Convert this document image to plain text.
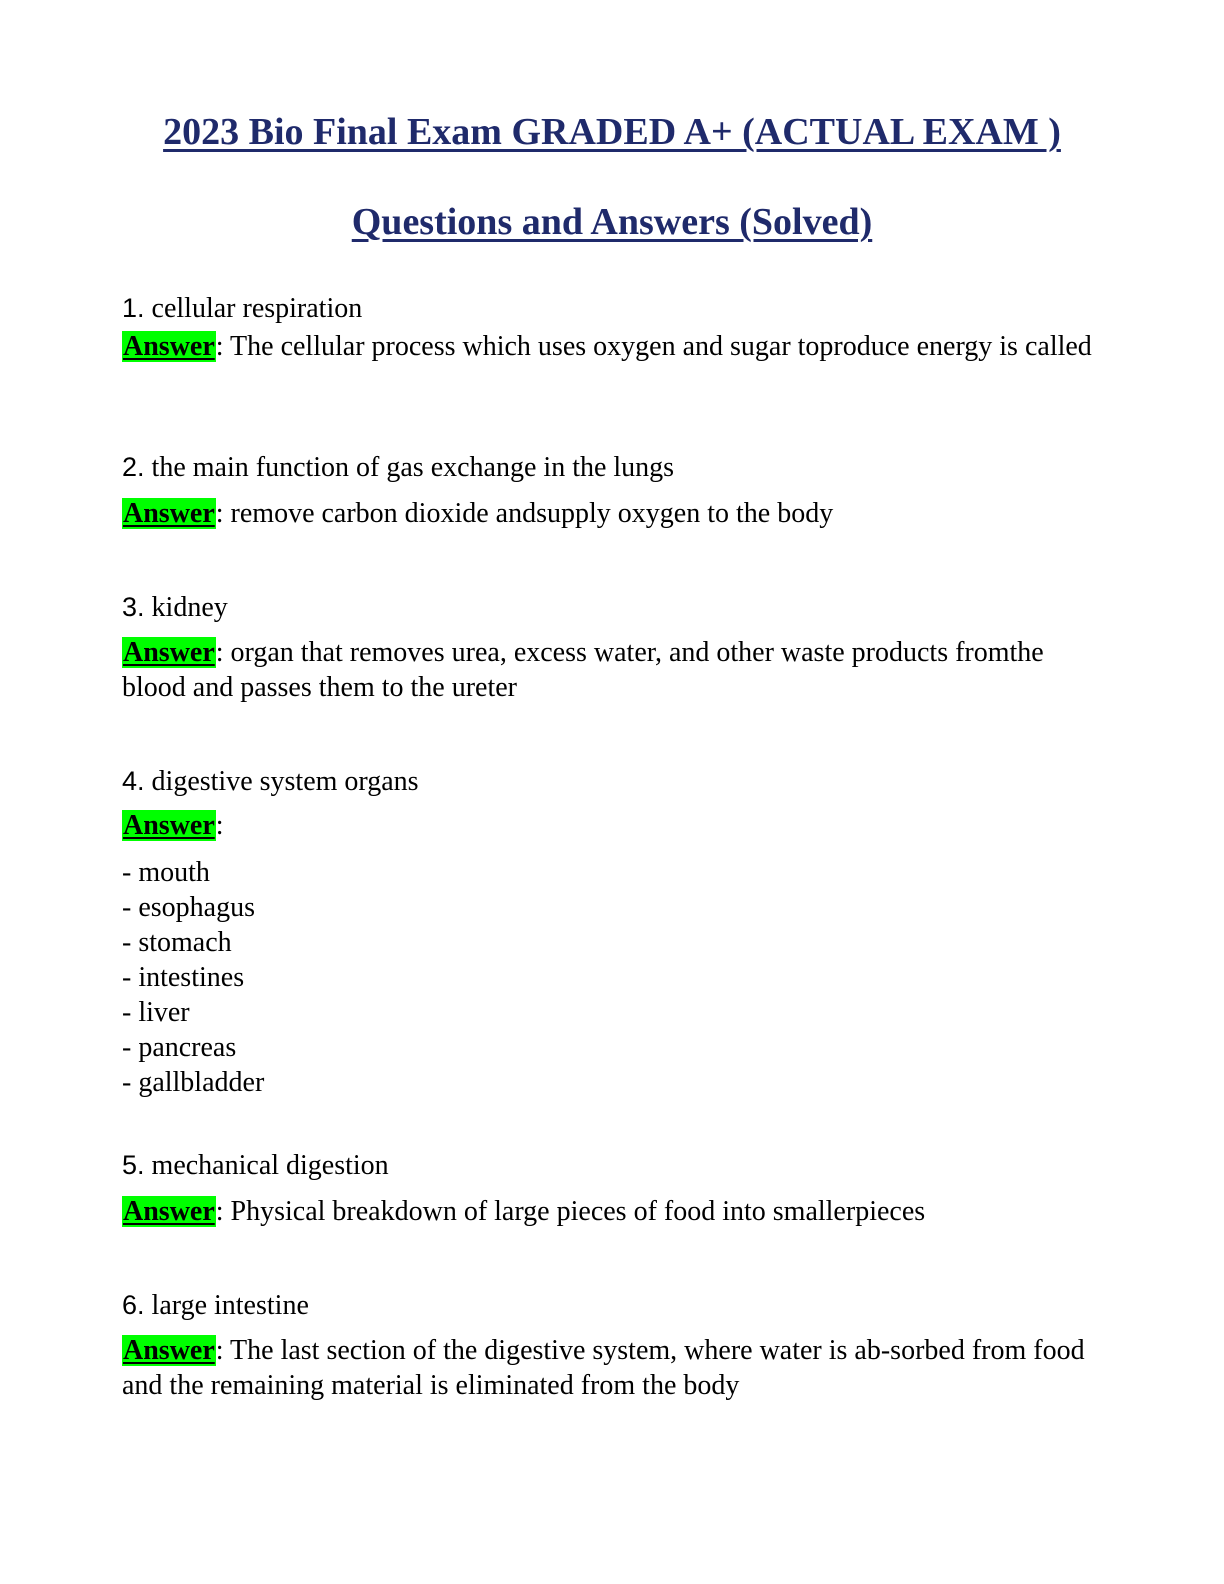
2023 Bio Final Exam GRADED A+ (ACTUAL EXAM )
Questions and Answers (Solved)

1. cellular respiration

Answer: The cellular process which uses oxygen and sugar toproduce energy is called

2. the main function of gas exchange in the lungs

Answer: remove carbon dioxide andsupply oxygen to the body

3. kidney

Answer: organ that removes urea, excess water, and other waste products fromthe blood and passes them to the ureter

4. digestive system organs

Answer:

- mouth
- esophagus
- stomach
- intestines
- liver
- pancreas
- gallbladder

5. mechanical digestion

Answer: Physical breakdown of large pieces of food into smallerpieces

6. large intestine

Answer: The last section of the digestive system, where water is ab-sorbed from food and the remaining material is eliminated from the body
